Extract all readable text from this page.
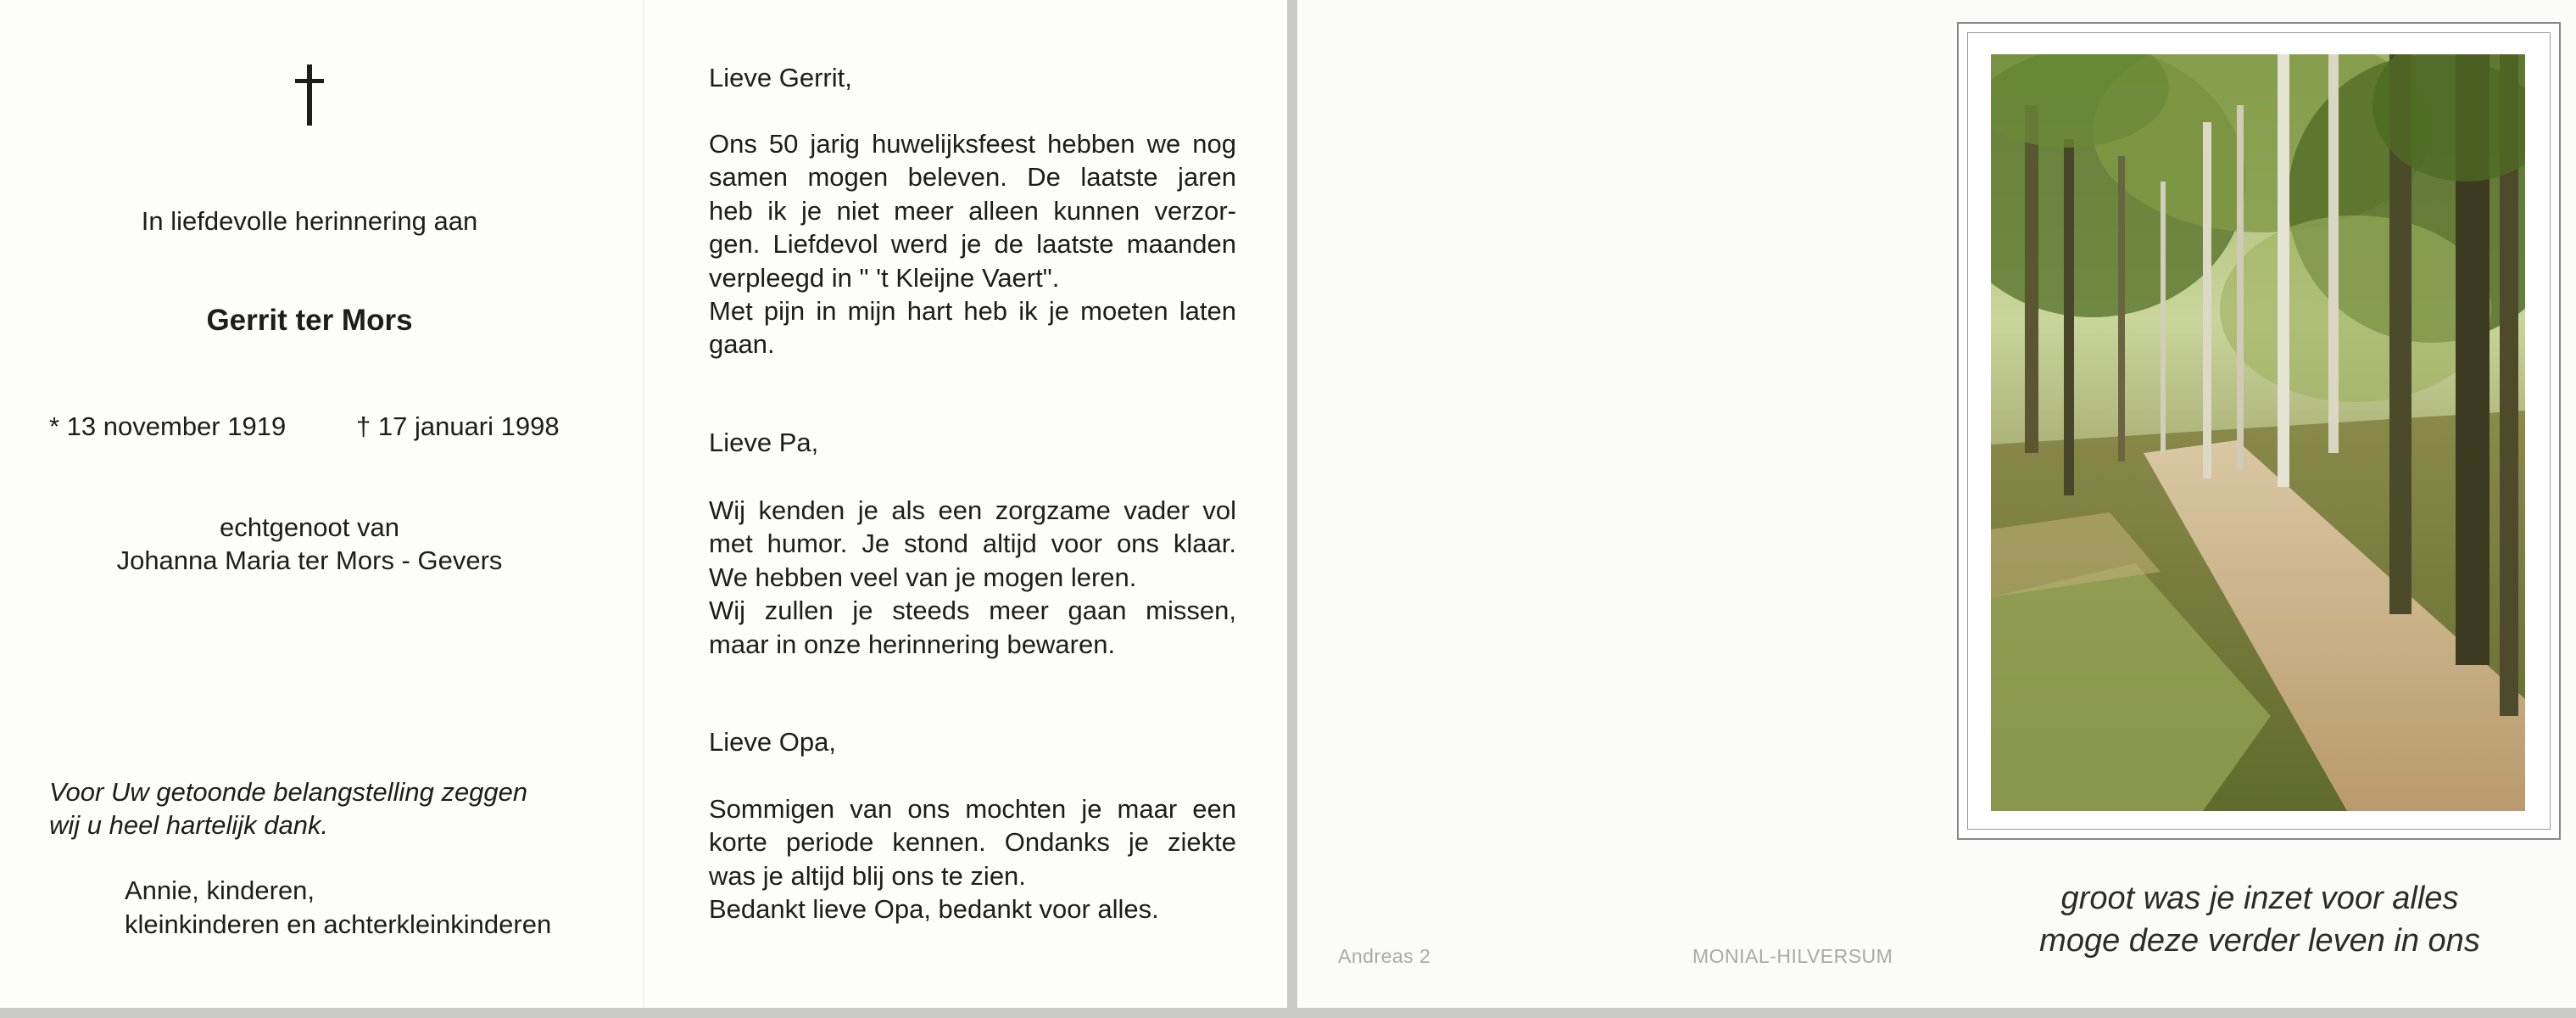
In liefdevolle herinnering aan
Gerrit ter Mors
* 13 november 1919	† 17 januari 1998
echtgenoot van
Johanna Maria ter Mors - Gevers
Voor Uw getoonde belangstelling zeggen
wij u heel hartelijk dank.
Annie, kinderen,
kleinkinderen en achterkleinkinderen
Lieve Gerrit,
Ons 50 jarig huwelijksfeest hebben we nog
samen mogen beleven. De laatste jaren
heb ik je niet meer alleen kunnen verzor-
gen. Liefdevol werd je de laatste maanden
verpleegd in " 't Kleijne Vaert".
Met pijn in mijn hart heb ik je moeten laten
gaan.
Lieve Pa,
Wij kenden je als een zorgzame vader vol
met humor. Je stond altijd voor ons klaar.
We hebben veel van je mogen leren.
Wij zullen je steeds meer gaan missen,
maar in onze herinnering bewaren.
Lieve Opa,
Sommigen van ons mochten je maar een
korte periode kennen. Ondanks je ziekte
was je altijd blij ons te zien.
Bedankt lieve Opa, bedankt voor alles.	groot was je inzet voor alles
moge deze verder leven in ons
Andreas 2	MONIAL-HILVERSUM
